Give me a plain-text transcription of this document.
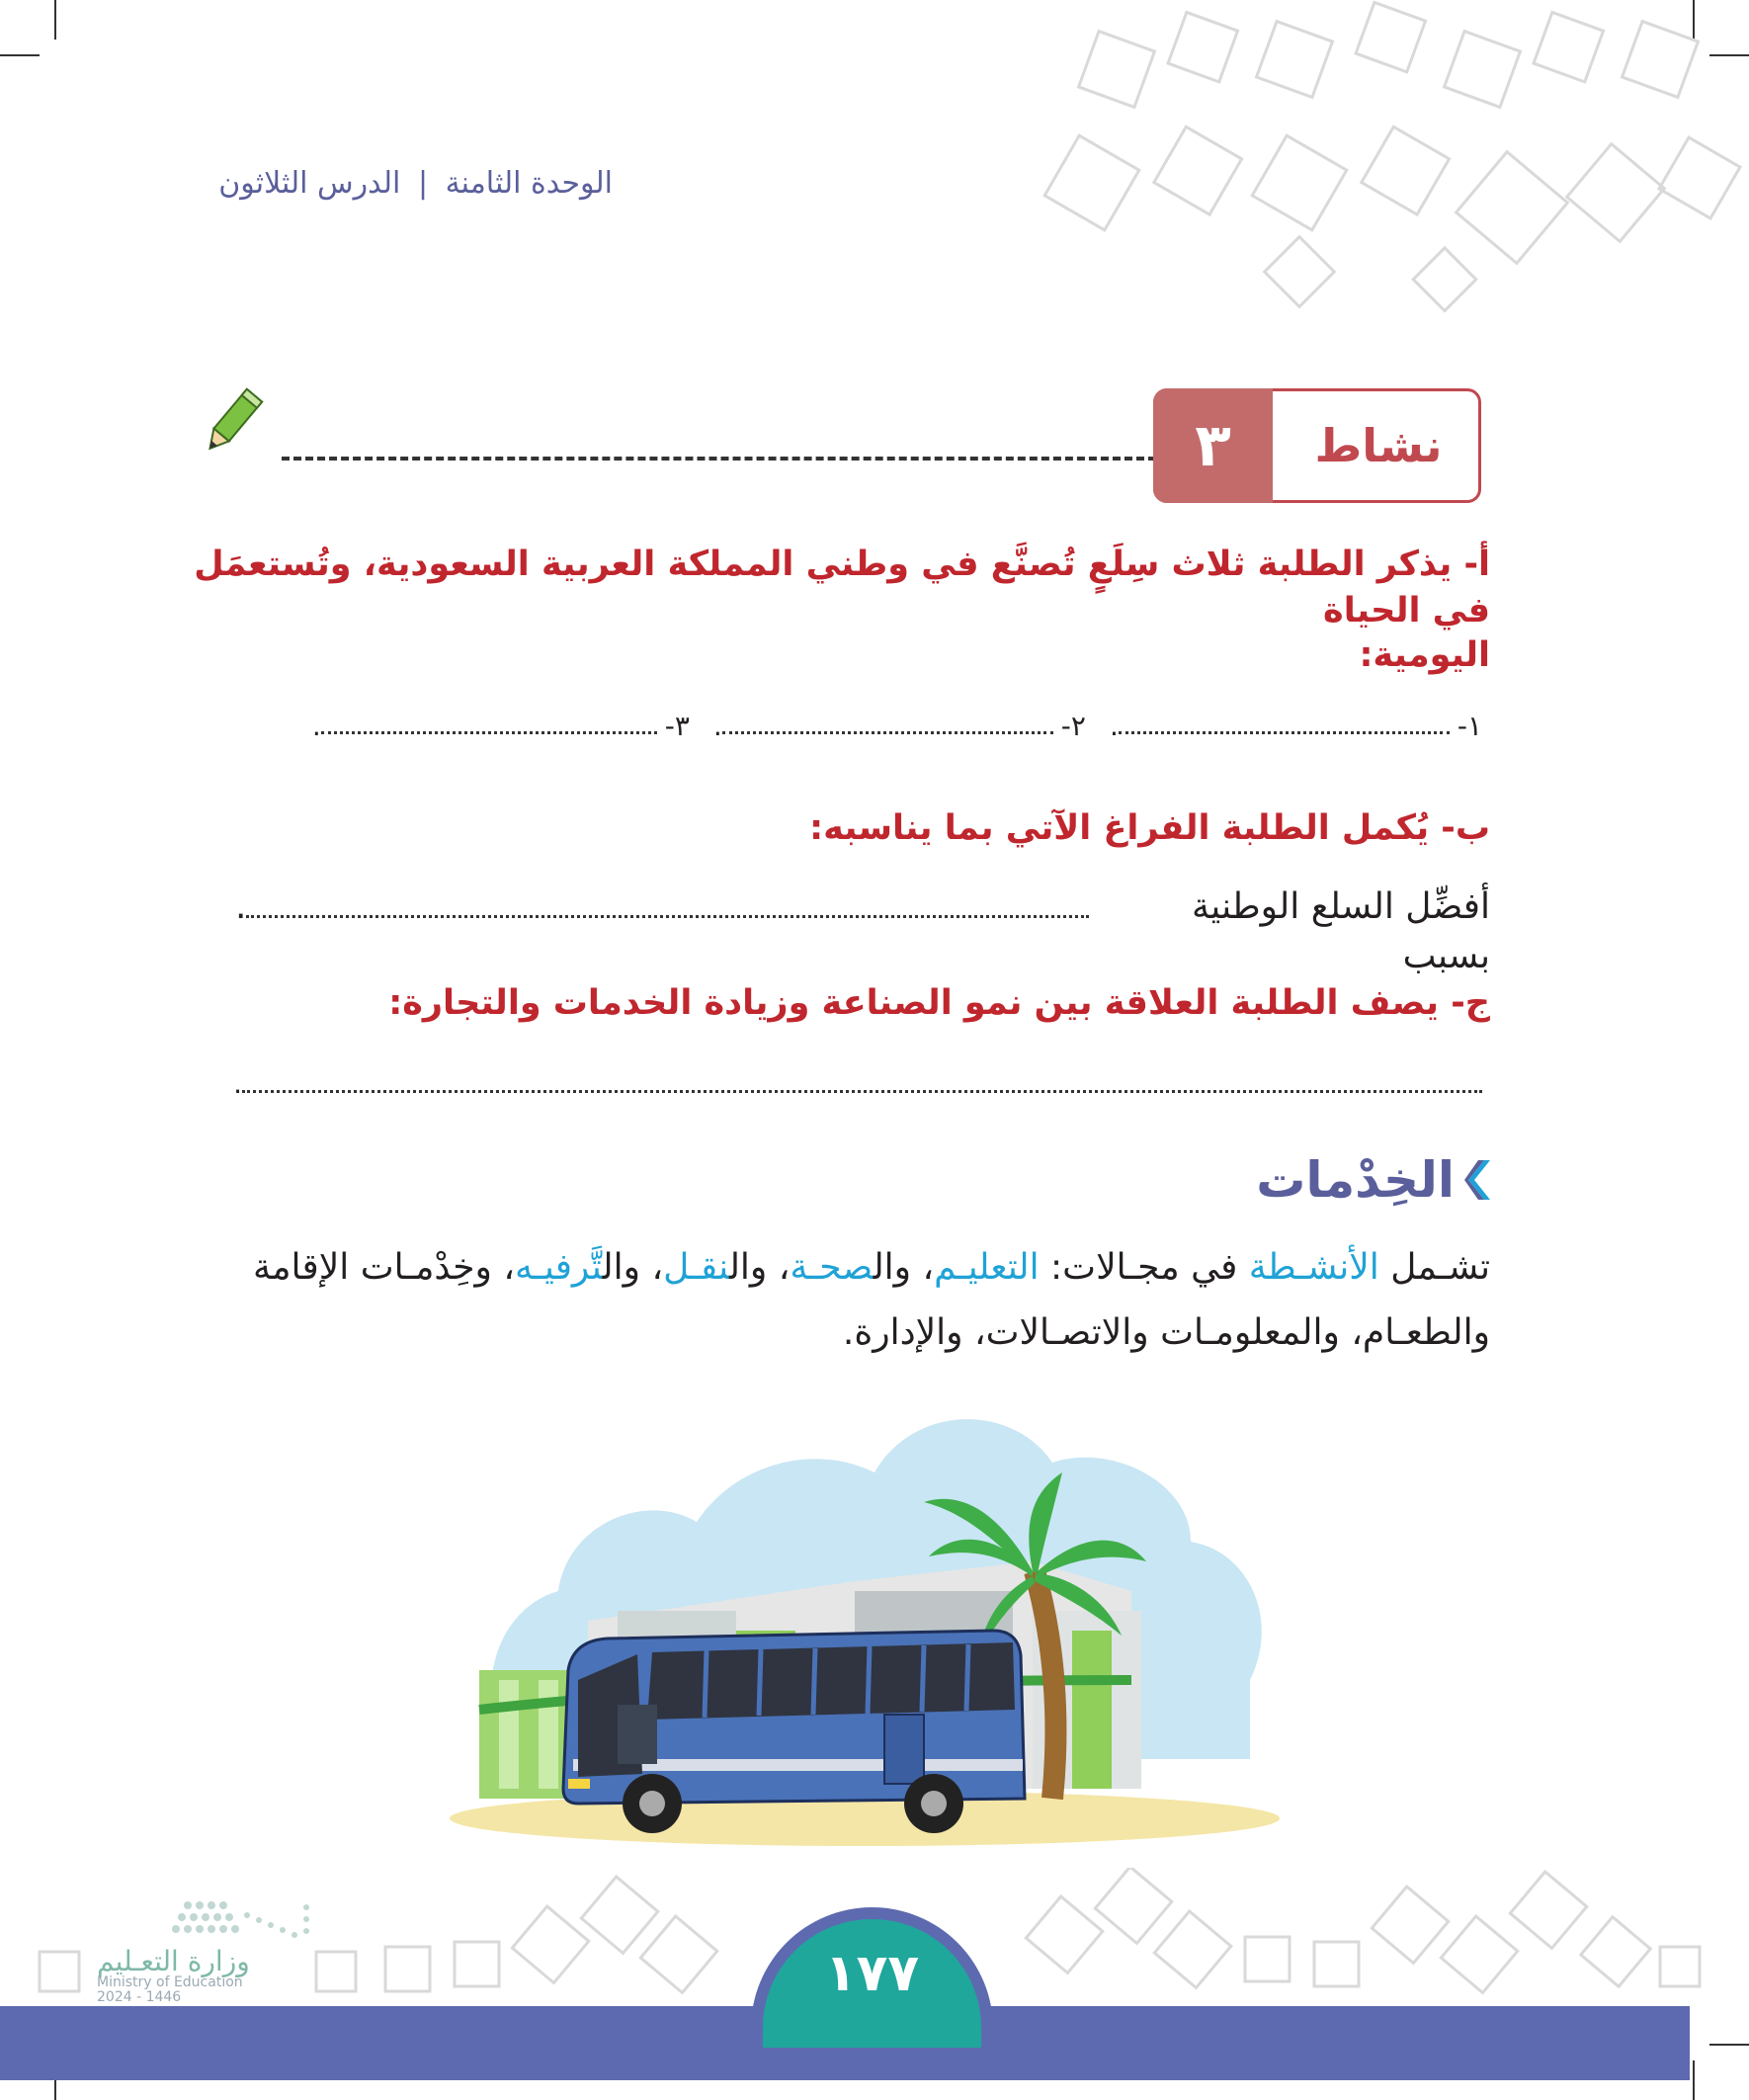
الوحدة الثامنة | الدرس الثلاثون
٣	نشاط
أ- يذكر الطلبة ثلاث سِلَعٍ تُصنَّع في وطني المملكة العربية السعودية، وتُستعمَل في الحياة
اليومية:
١-
.
٢-
.
٣-
.
ب- يُكمل الطلبة الفراغ الآتي بما يناسبه:
أفضِّل السلع الوطنية بسبب
.
ج- يصف الطلبة العلاقة بين نمو الصناعة وزيادة الخدمات والتجارة:
.
الخِدْمات
تشـمل الأنشـطة في مجـالات: التعليـم، والصحـة، والنقـل، والتَّرفيـه، وخِدْمـات الإقامة
والطعـام، والمعلومـات والاتصـالات، والإدارة.
١٧٧
وزارة التعـليم
Ministry of Education
2024 - 1446
